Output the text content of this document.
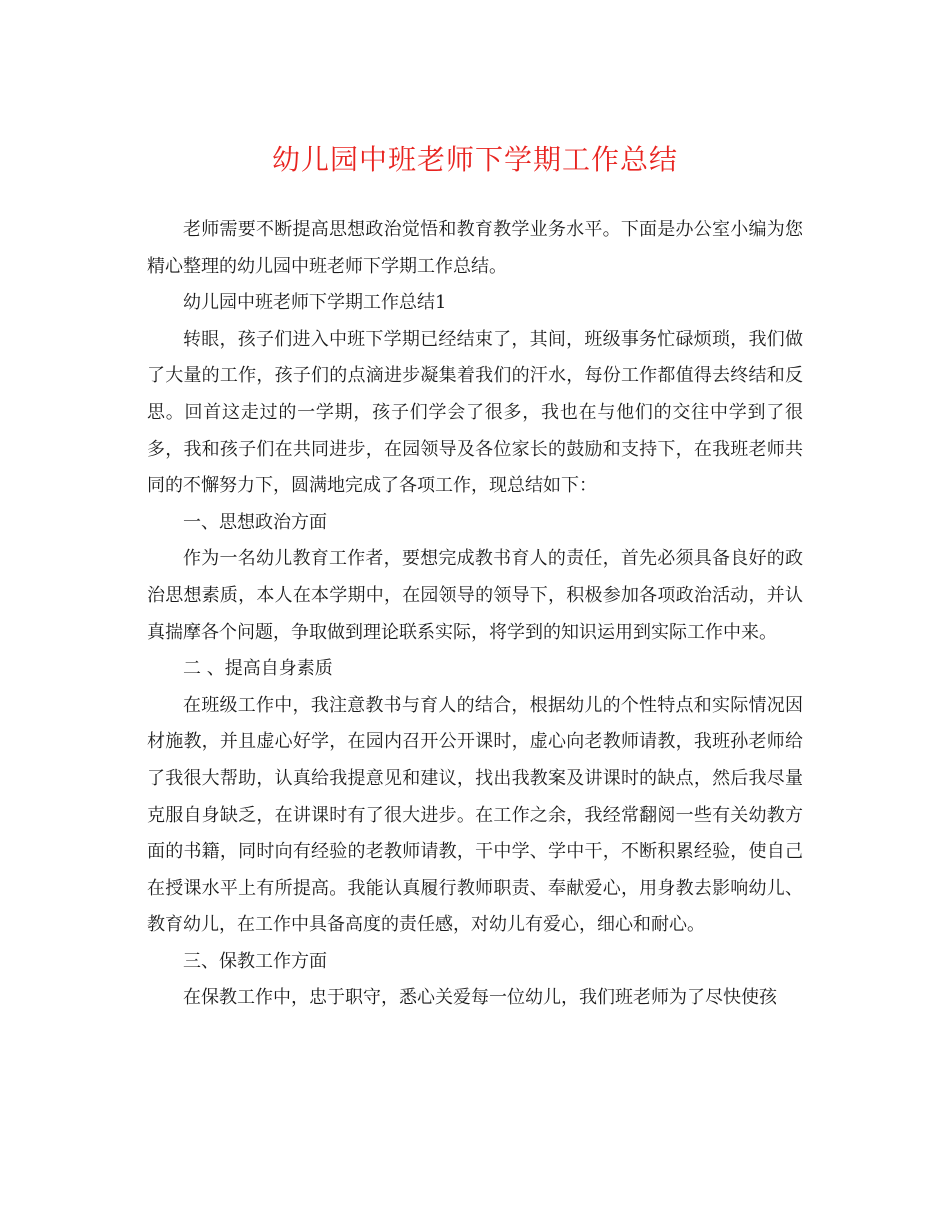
幼儿园中班老师下学期工作总结

老师需要不断提高思想政治觉悟和教育教学业务水平。下面是办公室小编为您精心整理的幼儿园中班老师下学期工作总结。

幼儿园中班老师下学期工作总结1

转眼，孩子们进入中班下学期已经结束了，其间，班级事务忙碌烦琐，我们做了大量的工作，孩子们的点滴进步凝集着我们的汗水，每份工作都值得去终结和反思。回首这走过的一学期，孩子们学会了很多，我也在与他们的交往中学到了很多，我和孩子们在共同进步，在园领导及各位家长的鼓励和支持下，在我班老师共同的不懈努力下，圆满地完成了各项工作，现总结如下：

一、思想政治方面

作为一名幼儿教育工作者，要想完成教书育人的责任，首先必须具备良好的政治思想素质，本人在本学期中，在园领导的领导下，积极参加各项政治活动，并认真揣摩各个问题，争取做到理论联系实际，将学到的知识运用到实际工作中来。

二 、提高自身素质

在班级工作中，我注意教书与育人的结合，根据幼儿的个性特点和实际情况因材施教，并且虚心好学，在园内召开公开课时，虚心向老教师请教，我班孙老师给了我很大帮助，认真给我提意见和建议，找出我教案及讲课时的缺点，然后我尽量克服自身缺乏，在讲课时有了很大进步。在工作之余，我经常翻阅一些有关幼教方面的书籍，同时向有经验的老教师请教，干中学、学中干，不断积累经验，使自己在授课水平上有所提高。我能认真履行教师职责、奉献爱心，用身教去影响幼儿、教育幼儿，在工作中具备高度的责任感，对幼儿有爱心，细心和耐心。

三、保教工作方面

在保教工作中，忠于职守，悉心关爱每一位幼儿，我们班老师为了尽快使孩
